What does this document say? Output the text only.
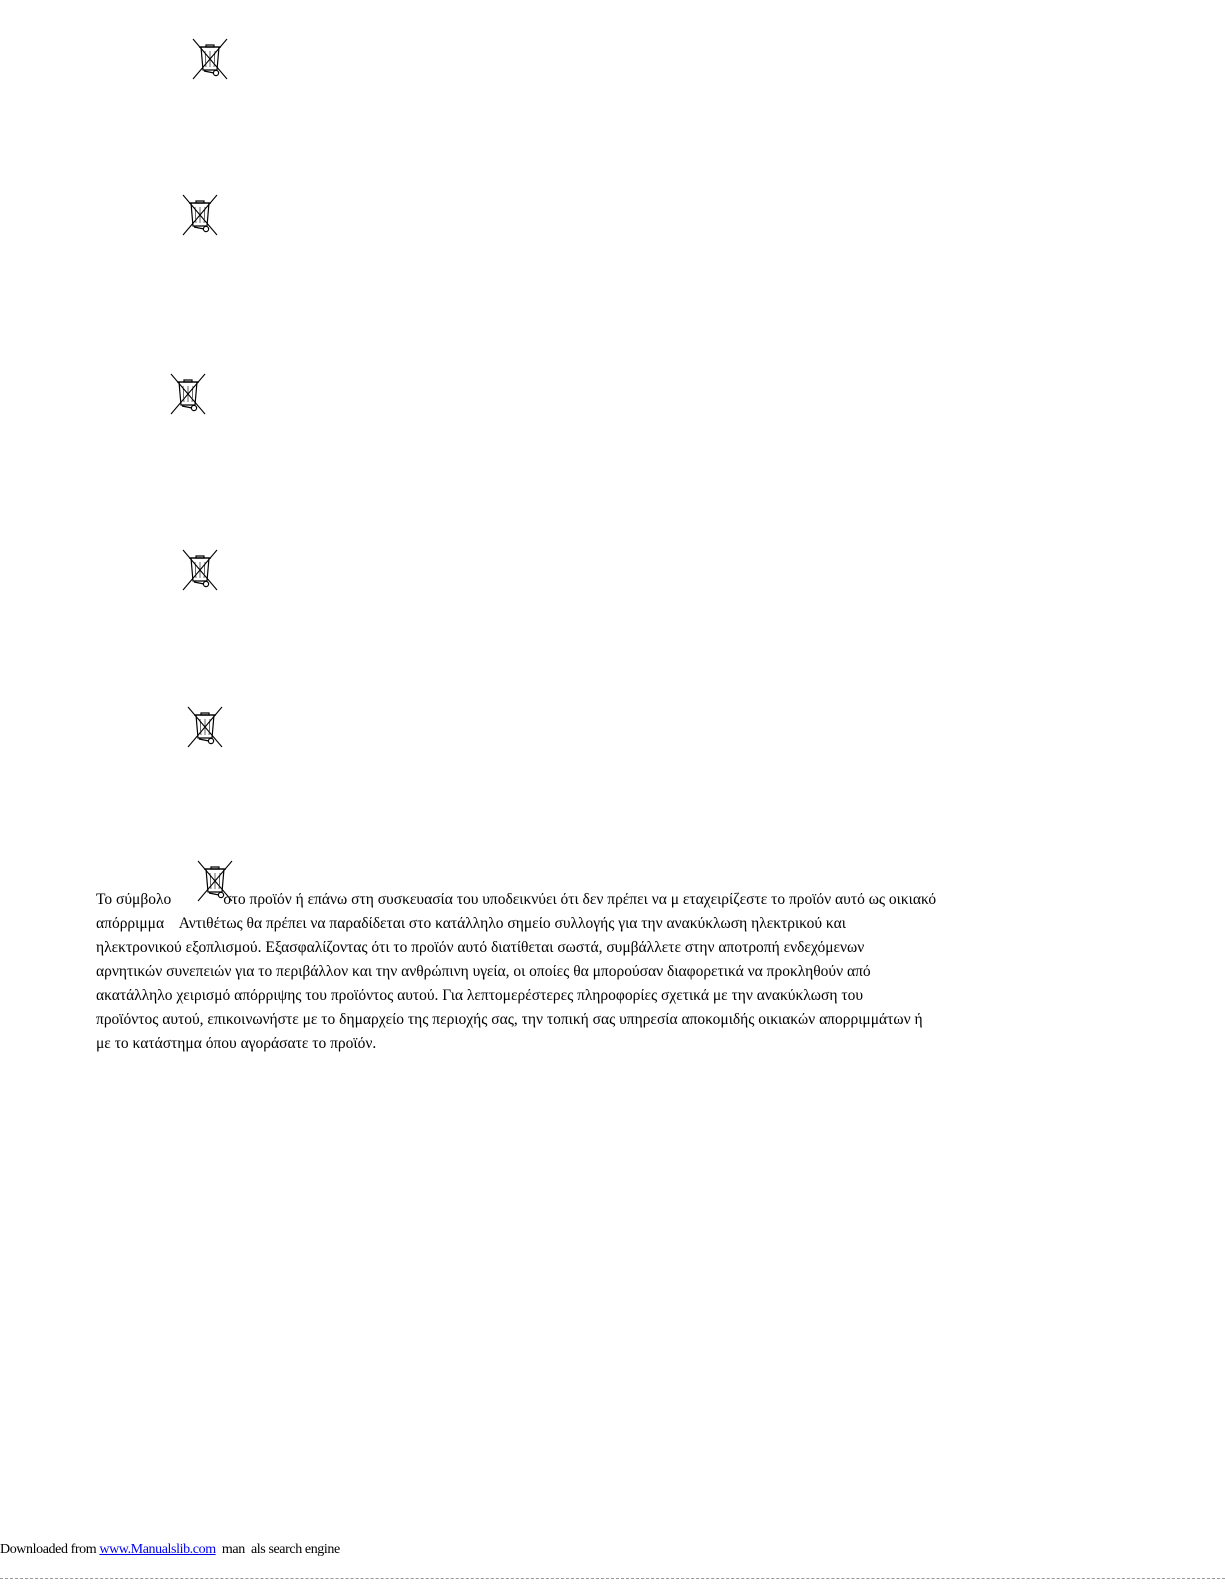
Το σύμβολο	στο προϊόν ή επάνω στη συσκευασία του υποδεικνύει ότι δεν πρέπει να μ εταχειρίζεστε το προϊόν αυτό ως οικιακό
απόρριμμα    Αντιθέτως θα πρέπει να παραδίδεται στο κατάλληλο σημείο συλλογής για την ανακύκλωση ηλεκτρικού και
ηλεκτρονικού εξοπλισμού. Εξασφαλίζοντας ότι το προϊόν αυτό διατίθεται σωστά, συμβάλλετε στην αποτροπή ενδεχόμενων
αρνητικών συνεπειών για το περιβάλλον και την ανθρώπινη υγεία, οι οποίες θα μπορούσαν διαφορετικά να προκληθούν από
ακατάλληλο χειρισμό απόρριψης του προϊόντος αυτού. Για λεπτομερέστερες πληροφορίες σχετικά με την ανακύκλωση του
προϊόντος αυτού, επικοινωνήστε με το δημαρχείο της περιοχής σας, την τοπική σας υπηρεσία αποκομιδής οικιακών απορριμμάτων ή
με το κατάστημα όπου αγοράσατε το προϊόν.

Downloaded from www.Manualslib.com  man  als search engine
